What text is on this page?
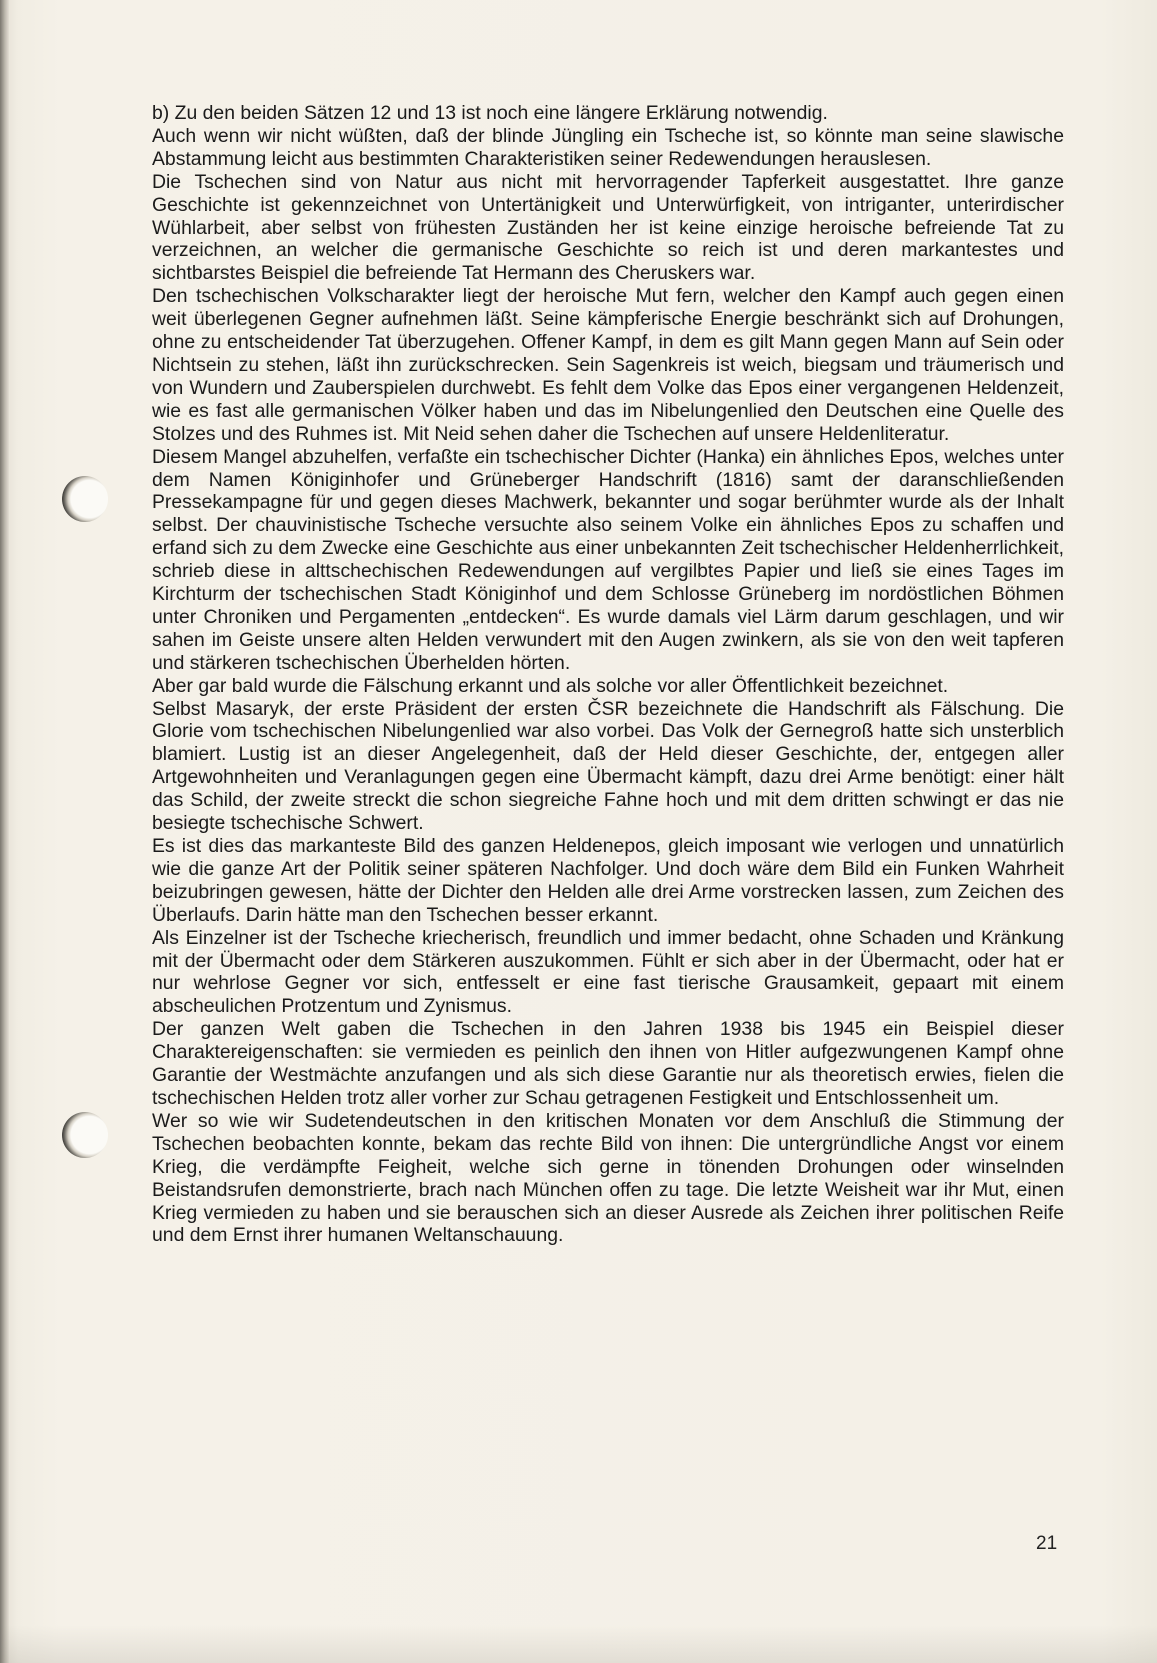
b) Zu den beiden Sätzen 12 und 13 ist noch eine längere Erklärung notwendig.

Auch wenn wir nicht wüßten, daß der blinde Jüngling ein Tscheche ist, so könnte man seine slawische Abstammung leicht aus bestimmten Charakteristiken seiner Redewendungen herauslesen.

Die Tschechen sind von Natur aus nicht mit hervorragender Tapferkeit ausgestattet. Ihre ganze Geschichte ist gekennzeichnet von Untertänigkeit und Unterwürfigkeit, von intriganter, unterirdischer Wühlarbeit, aber selbst von frühesten Zuständen her ist keine einzige heroische befreiende Tat zu verzeichnen, an welcher die germanische Geschichte so reich ist und deren markantestes und sichtbarstes Beispiel die befreiende Tat Hermann des Cheruskers war.

Den tschechischen Volkscharakter liegt der heroische Mut fern, welcher den Kampf auch gegen einen weit überlegenen Gegner aufnehmen läßt. Seine kämpferische Energie beschränkt sich auf Drohungen, ohne zu entscheidender Tat überzugehen. Offener Kampf, in dem es gilt Mann gegen Mann auf Sein oder Nichtsein zu stehen, läßt ihn zurückschrecken. Sein Sagenkreis ist weich, biegsam und träumerisch und von Wundern und Zauberspielen durchwebt. Es fehlt dem Volke das Epos einer vergangenen Heldenzeit, wie es fast alle germanischen Völker haben und das im Nibelungenlied den Deutschen eine Quelle des Stolzes und des Ruhmes ist. Mit Neid sehen daher die Tschechen auf unsere Heldenliteratur.

Diesem Mangel abzuhelfen, verfaßte ein tschechischer Dichter (Hanka) ein ähnliches Epos, welches unter dem Namen Königinhofer und Grüneberger Handschrift (1816) samt der daranschließenden Pressekampagne für und gegen dieses Machwerk, bekannter und sogar berühmter wurde als der Inhalt selbst. Der chauvinistische Tscheche versuchte also seinem Volke ein ähnliches Epos zu schaffen und erfand sich zu dem Zwecke eine Geschichte aus einer unbekannten Zeit tschechischer Heldenherrlichkeit, schrieb diese in alttschechischen Redewendungen auf vergilbtes Papier und ließ sie eines Tages im Kirchturm der tschechischen Stadt Königinhof und dem Schlosse Grüneberg im nordöstlichen Böhmen unter Chroniken und Pergamenten „entdecken“. Es wurde damals viel Lärm darum geschlagen, und wir sahen im Geiste unsere alten Helden verwundert mit den Augen zwinkern, als sie von den weit tapferen und stärkeren tschechischen Überhelden hörten.

Aber gar bald wurde die Fälschung erkannt und als solche vor aller Öffentlichkeit bezeichnet.

Selbst Masaryk, der erste Präsident der ersten ČSR bezeichnete die Handschrift als Fälschung. Die Glorie vom tschechischen Nibelungenlied war also vorbei. Das Volk der Gernegroß hatte sich unsterblich blamiert. Lustig ist an dieser Angelegenheit, daß der Held dieser Geschichte, der, entgegen aller Artgewohnheiten und Veranlagungen gegen eine Übermacht kämpft, dazu drei Arme benötigt: einer hält das Schild, der zweite streckt die schon siegreiche Fahne hoch und mit dem dritten schwingt er das nie besiegte tschechische Schwert.

Es ist dies das markanteste Bild des ganzen Heldenepos, gleich imposant wie verlogen und unnatürlich wie die ganze Art der Politik seiner späteren Nachfolger. Und doch wäre dem Bild ein Funken Wahrheit beizubringen gewesen, hätte der Dichter den Helden alle drei Arme vorstrecken lassen, zum Zeichen des Überlaufs. Darin hätte man den Tschechen besser erkannt.

Als Einzelner ist der Tscheche kriecherisch, freundlich und immer bedacht, ohne Schaden und Kränkung mit der Übermacht oder dem Stärkeren auszukommen. Fühlt er sich aber in der Übermacht, oder hat er nur wehrlose Gegner vor sich, entfesselt er eine fast tierische Grausamkeit, gepaart mit einem abscheulichen Protzentum und Zynismus.

Der ganzen Welt gaben die Tschechen in den Jahren 1938 bis 1945 ein Beispiel dieser Charaktereigenschaften: sie vermieden es peinlich den ihnen von Hitler aufgezwungenen Kampf ohne Garantie der Westmächte anzufangen und als sich diese Garantie nur als theoretisch erwies, fielen die tschechischen Helden trotz aller vorher zur Schau getragenen Festigkeit und Entschlossenheit um.

Wer so wie wir Sudetendeutschen in den kritischen Monaten vor dem Anschluß die Stimmung der Tschechen beobachten konnte, bekam das rechte Bild von ihnen: Die untergründliche Angst vor einem Krieg, die verdämpfte Feigheit, welche sich gerne in tönenden Drohungen oder winselnden Beistandsrufen demonstrierte, brach nach München offen zu tage. Die letzte Weisheit war ihr Mut, einen Krieg vermieden zu haben und sie berauschen sich an dieser Ausrede als Zeichen ihrer politischen Reife und dem Ernst ihrer humanen Weltanschauung.

21
